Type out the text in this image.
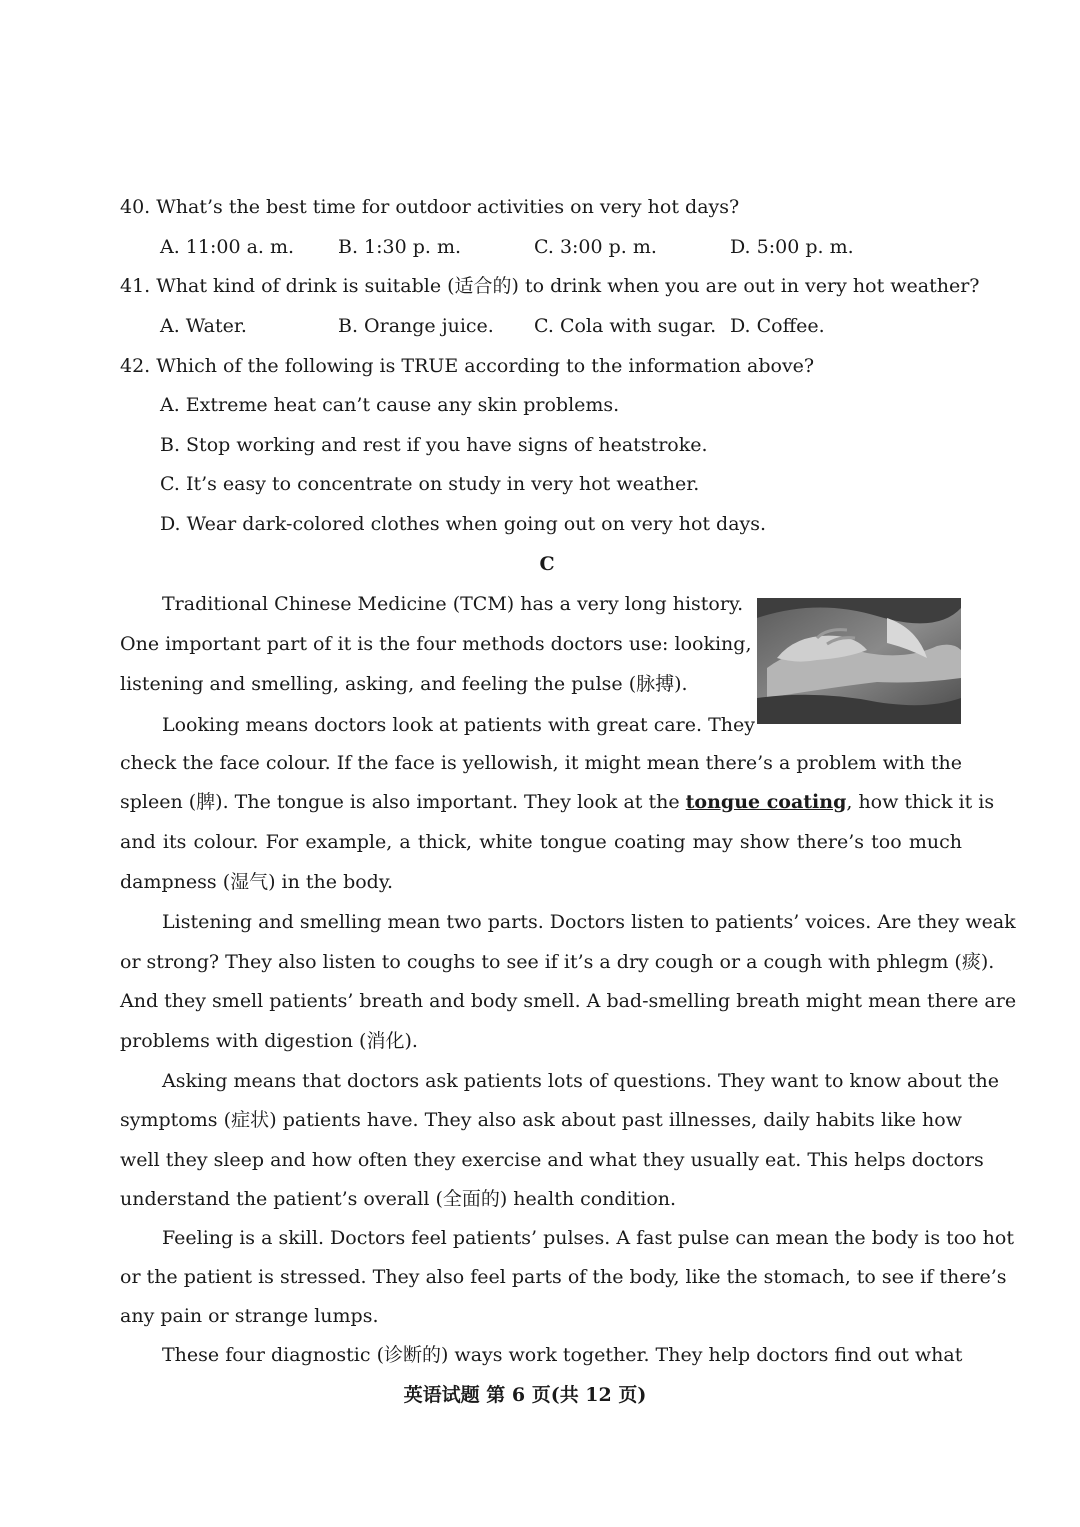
40. What’s the best time for outdoor activities on very hot days?
A. 11:00 a. m. B. 1:30 p. m.	C. 3:00 p. m.	D. 5:00 p. m.
41. What kind of drink is suitable (适合的) to drink when you are out in very hot weather?
A. Water.	B. Orange juice. C. Cola with sugar. D. Coffee.
42. Which of the following is TRUE according to the information above?
A. Extreme heat can’t cause any skin problems.
B. Stop working and rest if you have signs of heatstroke.
C. It’s easy to concentrate on study in very hot weather.
D. Wear dark-colored clothes when going out on very hot days.
C
Traditional Chinese Medicine (TCM) has a very long history.
One important part of it is the four methods doctors use: looking,
listening and smelling, asking, and feeling the pulse (脉搏).
Looking means doctors look at patients with great care. They
check the face colour. If the face is yellowish, it might mean there’s a problem with the
spleen (脾). The tongue is also important. They look at the tongue coating, how thick it is
and its colour. For example, a thick, white tongue coating may show there’s too much
dampness (湿气) in the body.
Listening and smelling mean two parts. Doctors listen to patients’ voices. Are they weak
or strong? They also listen to coughs to see if it’s a dry cough or a cough with phlegm (痰).
And they smell patients’ breath and body smell. A bad-smelling breath might mean there are
problems with digestion (消化).
Asking means that doctors ask patients lots of questions. They want to know about the
symptoms (症状) patients have. They also ask about past illnesses, daily habits like how
well they sleep and how often they exercise and what they usually eat. This helps doctors
understand the patient’s overall (全面的) health condition.
Feeling is a skill. Doctors feel patients’ pulses. A fast pulse can mean the body is too hot
or the patient is stressed. They also feel parts of the body, like the stomach, to see if there’s
any pain or strange lumps.
These four diagnostic (诊断的) ways work together. They help doctors find out what
英语试题 第 6 页(共 12 页)
